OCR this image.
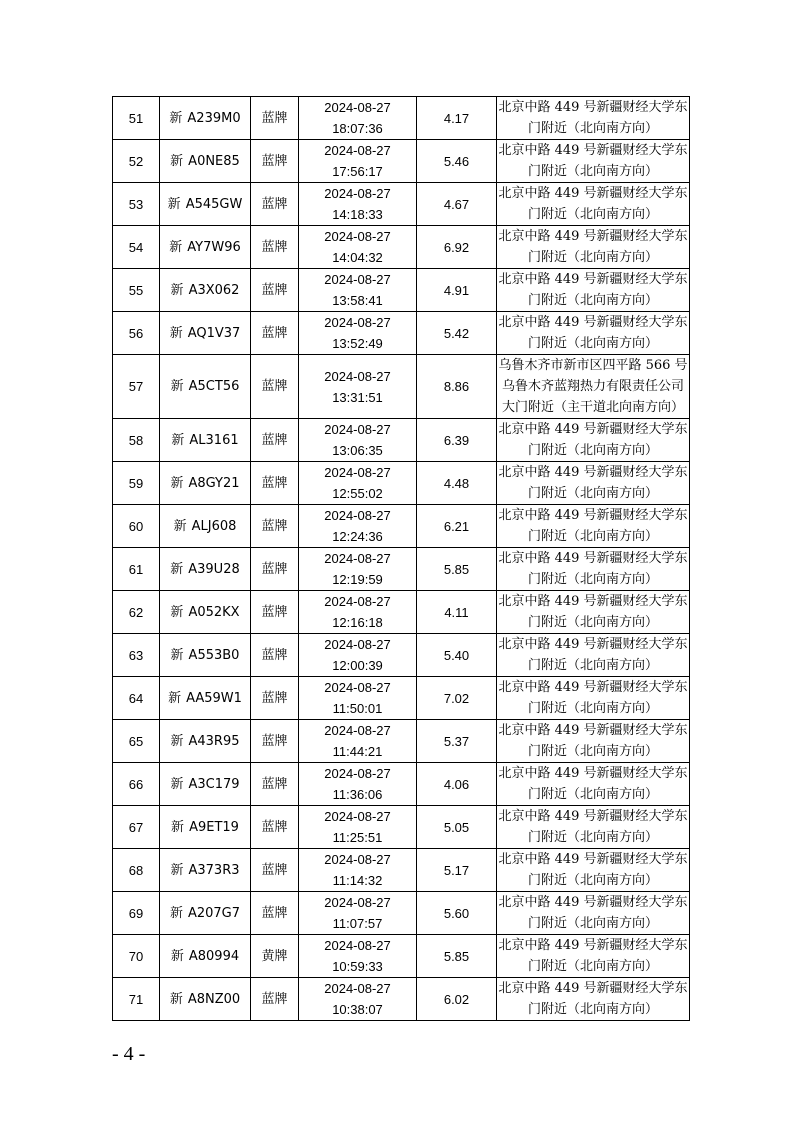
51	新 A239M0	蓝牌	2024-08-27
18:07:36	4.17	北京中路 449 号新疆财经大学东门附近（北向南方向）
52	新 A0NE85	蓝牌	2024-08-27
17:56:17	5.46	北京中路 449 号新疆财经大学东门附近（北向南方向）
53	新 A545GW	蓝牌	2024-08-27
14:18:33	4.67	北京中路 449 号新疆财经大学东门附近（北向南方向）
54	新 AY7W96	蓝牌	2024-08-27
14:04:32	6.92	北京中路 449 号新疆财经大学东门附近（北向南方向）
55	新 A3X062	蓝牌	2024-08-27
13:58:41	4.91	北京中路 449 号新疆财经大学东门附近（北向南方向）
56	新 AQ1V37	蓝牌	2024-08-27
13:52:49	5.42	北京中路 449 号新疆财经大学东门附近（北向南方向）
57	新 A5CT56	蓝牌	2024-08-27
13:31:51	8.86	乌鲁木齐市新市区四平路 566 号乌鲁木齐蓝翔热力有限责任公司大门附近（主干道北向南方向）
58	新 AL3161	蓝牌	2024-08-27
13:06:35	6.39	北京中路 449 号新疆财经大学东门附近（北向南方向）
59	新 A8GY21	蓝牌	2024-08-27
12:55:02	4.48	北京中路 449 号新疆财经大学东门附近（北向南方向）
60	新 ALJ608	蓝牌	2024-08-27
12:24:36	6.21	北京中路 449 号新疆财经大学东门附近（北向南方向）
61	新 A39U28	蓝牌	2024-08-27
12:19:59	5.85	北京中路 449 号新疆财经大学东门附近（北向南方向）
62	新 A052KX	蓝牌	2024-08-27
12:16:18	4.11	北京中路 449 号新疆财经大学东门附近（北向南方向）
63	新 A553B0	蓝牌	2024-08-27
12:00:39	5.40	北京中路 449 号新疆财经大学东门附近（北向南方向）
64	新 AA59W1	蓝牌	2024-08-27
11:50:01	7.02	北京中路 449 号新疆财经大学东门附近（北向南方向）
65	新 A43R95	蓝牌	2024-08-27
11:44:21	5.37	北京中路 449 号新疆财经大学东门附近（北向南方向）
66	新 A3C179	蓝牌	2024-08-27
11:36:06	4.06	北京中路 449 号新疆财经大学东门附近（北向南方向）
67	新 A9ET19	蓝牌	2024-08-27
11:25:51	5.05	北京中路 449 号新疆财经大学东门附近（北向南方向）
68	新 A373R3	蓝牌	2024-08-27
11:14:32	5.17	北京中路 449 号新疆财经大学东门附近（北向南方向）
69	新 A207G7	蓝牌	2024-08-27
11:07:57	5.60	北京中路 449 号新疆财经大学东门附近（北向南方向）
70	新 A80994	黄牌	2024-08-27
10:59:33	5.85	北京中路 449 号新疆财经大学东门附近（北向南方向）
71	新 A8NZ00	蓝牌	2024-08-27
10:38:07	6.02	北京中路 449 号新疆财经大学东门附近（北向南方向）
- 4 -
